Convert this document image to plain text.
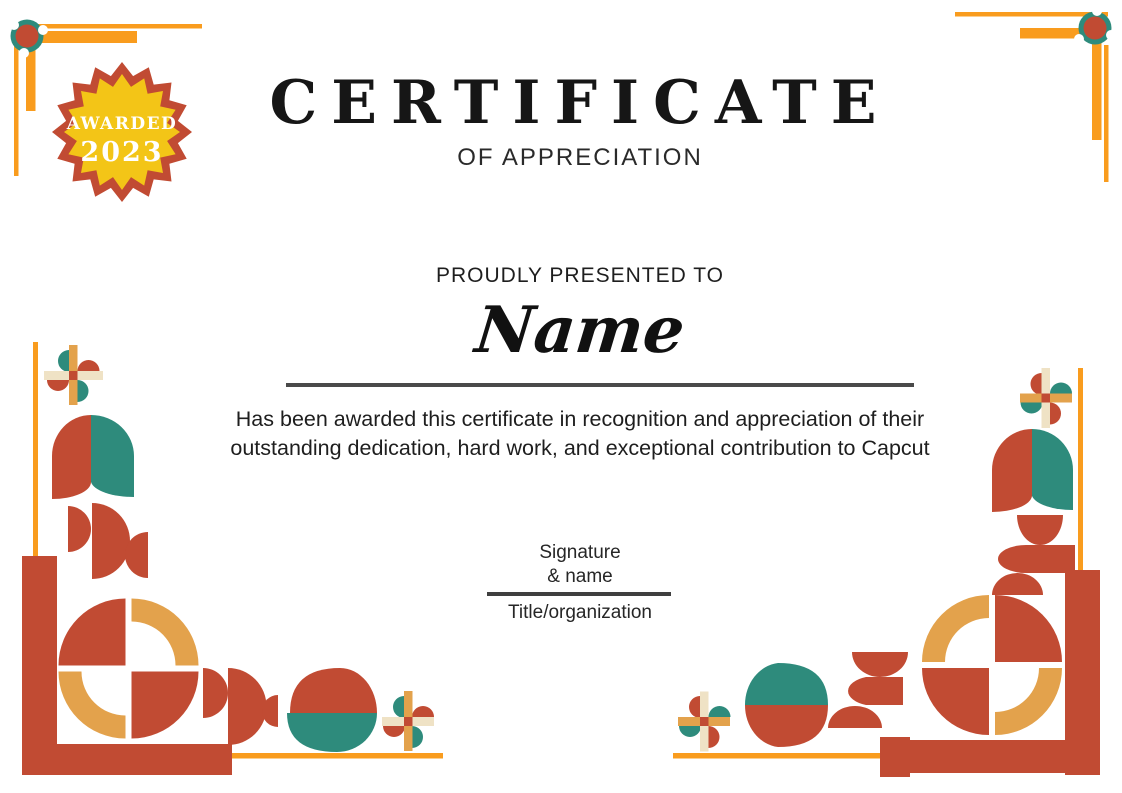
AWARDED
2023
CERTIFICATE
OF APPRECIATION
PROUDLY PRESENTED TO
Name
Has been awarded this certificate in recognition and appreciation of their outstanding dedication, hard work, and exceptional contribution to Capcut
Signature
& name
Title/organization
